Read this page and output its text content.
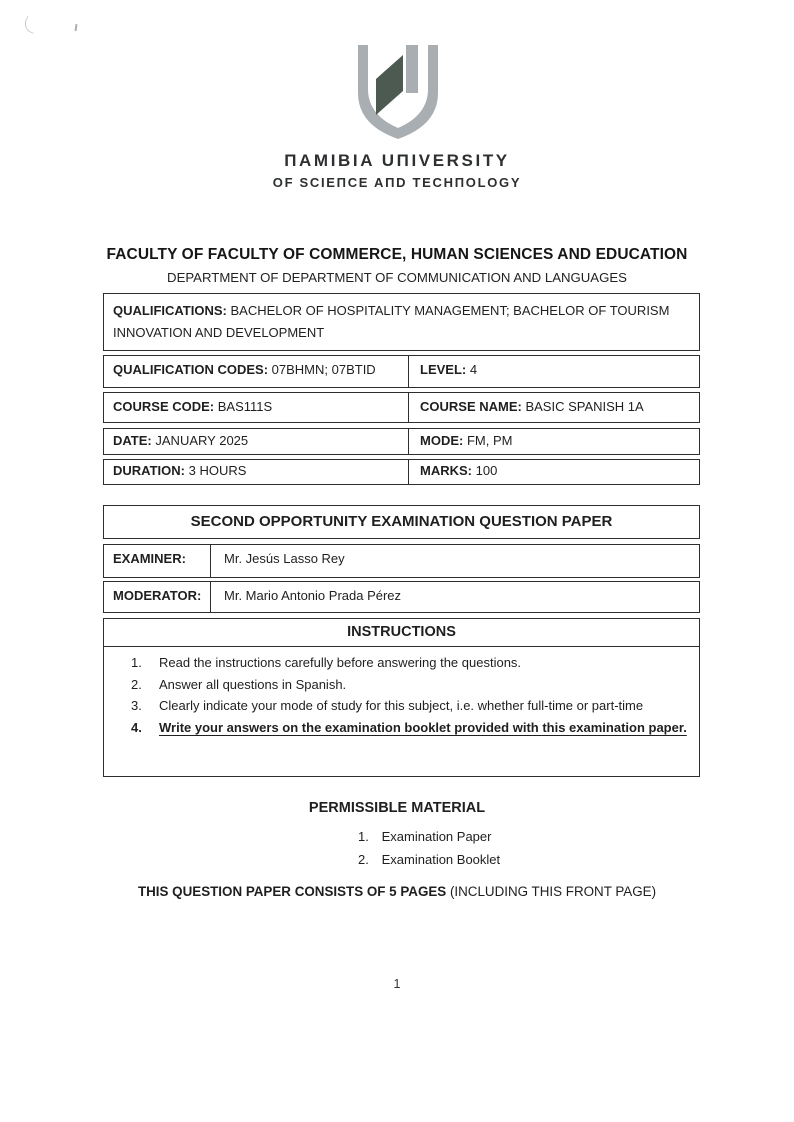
ПAMIBIA UПIVERSITY
OF SCIEПCE AПD TECHПOLOGY
FACULTY OF FACULTY OF COMMERCE, HUMAN SCIENCES AND EDUCATION
DEPARTMENT OF DEPARTMENT OF COMMUNICATION AND LANGUAGES
QUALIFICATIONS: BACHELOR OF HOSPITALITY MANAGEMENT; BACHELOR OF TOURISM INNOVATION AND DEVELOPMENT
QUALIFICATION CODES: 07BHMN; 07BTID	LEVEL: 4
COURSE CODE: BAS111S	COURSE NAME: BASIC SPANISH 1A
DATE: JANUARY 2025	MODE: FM, PM
DURATION: 3 HOURS	MARKS: 100
SECOND OPPORTUNITY EXAMINATION QUESTION PAPER
EXAMINER:	Mr. Jesús Lasso Rey
MODERATOR:	Mr. Mario Antonio Prada Pérez
INSTRUCTIONS
1.	Read the instructions carefully before answering the questions.
2.	Answer all questions in Spanish.
3.	Clearly indicate your mode of study for this subject, i.e. whether full-time or part-time
4.	Write your answers on the examination booklet provided with this examination paper.
PERMISSIBLE MATERIAL
1. Examination Paper
2. Examination Booklet
THIS QUESTION PAPER CONSISTS OF 5 PAGES (INCLUDING THIS FRONT PAGE)
1
